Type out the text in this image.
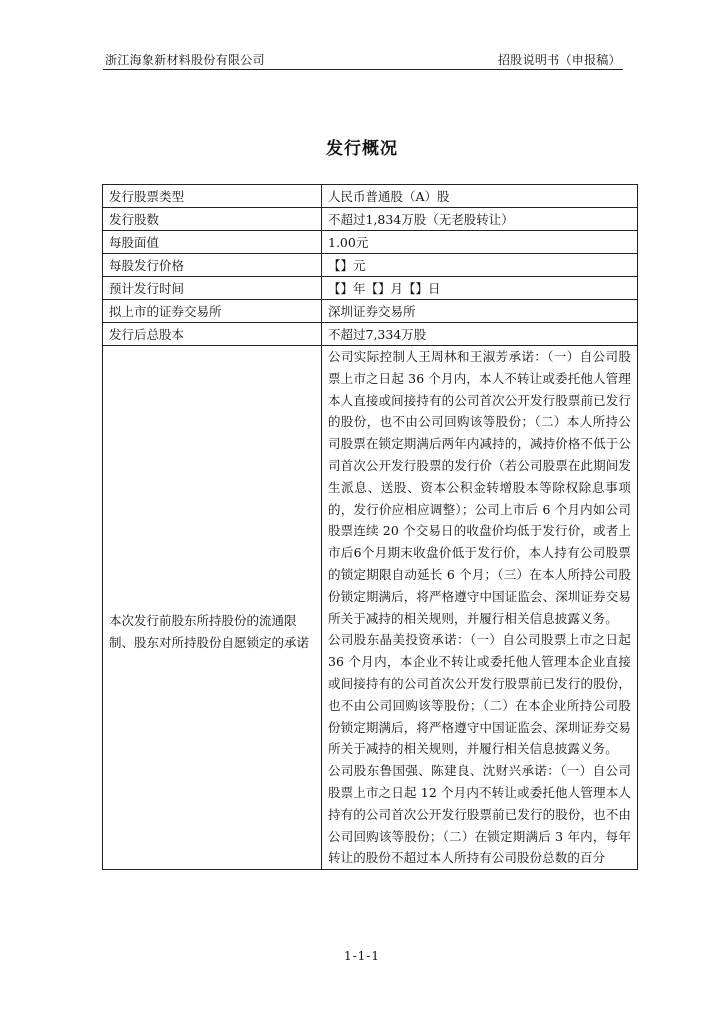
浙江海象新材料股份有限公司	招股说明书（申报稿）
发行概况
发行股票类型	人民币普通股（A）股
发行股数	不超过1,834万股（无老股转让）
每股面值	1.00元
每股发行价格	【】元
预计发行时间	【】年【】月【】日
拟上市的证券交易所	深圳证券交易所
发行后总股本	不超过7,334万股
本次发行前股东所持股份的流通限制、股东对所持股份自愿锁定的承诺	公司实际控制人王周林和王淑芳承诺：（一）自公司股票上市之日起 36 个月内，本人不转让或委托他人管理本人直接或间接持有的公司首次公开发行股票前已发行的股份，也不由公司回购该等股份；（二）本人所持公司股票在锁定期满后两年内减持的，减持价格不低于公司首次公开发行股票的发行价（若公司股票在此期间发生派息、送股、资本公积金转增股本等除权除息事项的，发行价应相应调整）；公司上市后 6 个月内如公司股票连续 20 个交易日的收盘价均低于发行价，或者上市后6个月期末收盘价低于发行价，本人持有公司股票的锁定期限自动延长 6 个月；（三）在本人所持公司股份锁定期满后，将严格遵守中国证监会、深圳证券交易所关于减持的相关规则，并履行相关信息披露义务。
公司股东晶美投资承诺：（一）自公司股票上市之日起 36 个月内，本企业不转让或委托他人管理本企业直接或间接持有的公司首次公开发行股票前已发行的股份，也不由公司回购该等股份；（二）在本企业所持公司股份锁定期满后，将严格遵守中国证监会、深圳证券交易所关于减持的相关规则，并履行相关信息披露义务。
公司股东鲁国强、陈建良、沈财兴承诺：（一）自公司股票上市之日起 12 个月内不转让或委托他人管理本人持有的公司首次公开发行股票前已发行的股份，也不由公司回购该等股份；（二）在锁定期满后 3 年内，每年转让的股份不超过本人所持有公司股份总数的百分
1-1-1
